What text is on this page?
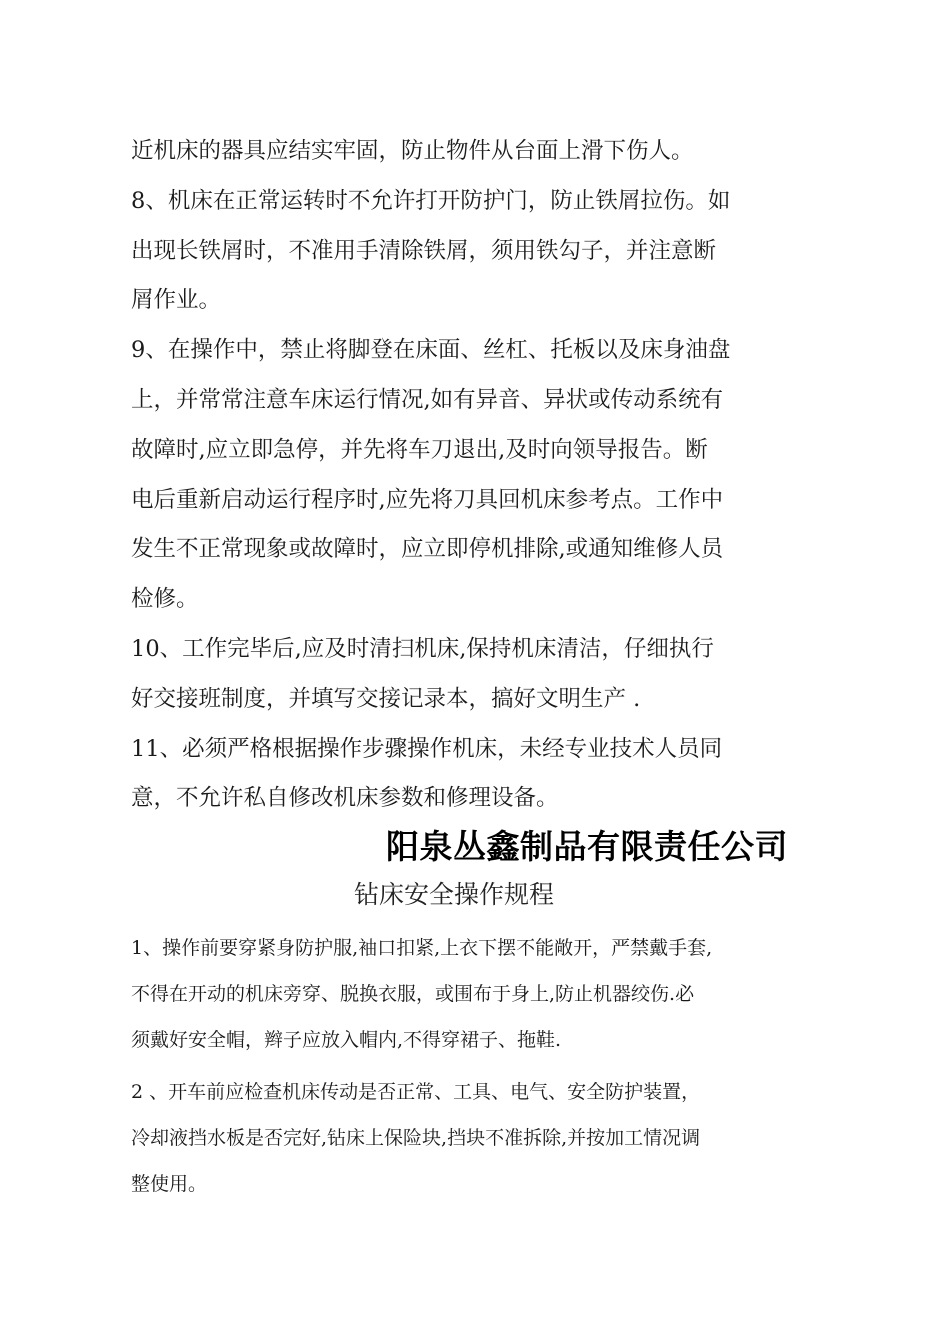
近机床的器具应结实牢固，防止物件从台面上滑下伤人。

8、机床在正常运转时不允许打开防护门，防止铁屑拉伤。如

出现长铁屑时，不准用手清除铁屑，须用铁勾子，并注意断

屑作业。

9、在操作中，禁止将脚登在床面、丝杠、托板以及床身油盘

上，并常常注意车床运行情况,如有异音、异状或传动系统有

故障时,应立即急停，并先将车刀退出,及时向领导报告。断

电后重新启动运行程序时,应先将刀具回机床参考点。工作中

发生不正常现象或故障时，应立即停机排除,或通知维修人员

检修。

10、工作完毕后,应及时清扫机床,保持机床清洁，仔细执行

好交接班制度，并填写交接记录本，搞好文明生产 .

11、必须严格根据操作步骤操作机床，未经专业技术人员同

意，不允许私自修改机床参数和修理设备。

阳泉丛鑫制品有限责任公司
钻床安全操作规程

1、操作前要穿紧身防护服,袖口扣紧,上衣下摆不能敞开，严禁戴手套,

不得在开动的机床旁穿、脱换衣服，或围布于身上,防止机器绞伤.必

须戴好安全帽，辫子应放入帽内,不得穿裙子、拖鞋.

2 、开车前应检查机床传动是否正常、工具、电气、安全防护装置，

冷却液挡水板是否完好,钻床上保险块,挡块不准拆除,并按加工情况调

整使用。
